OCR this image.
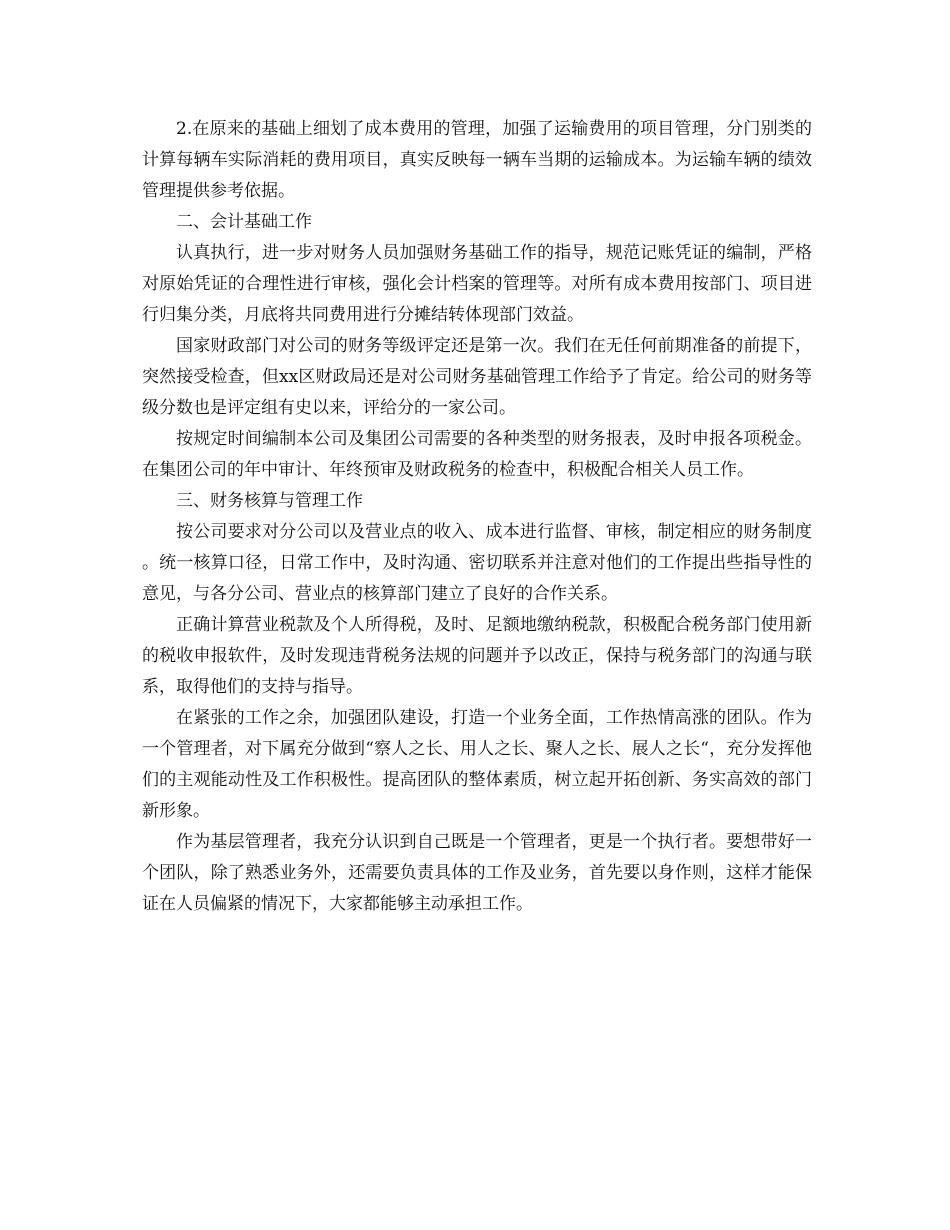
2.在原来的基础上细划了成本费用的管理，加强了运输费用的项目管理，分门别类的计算每辆车实际消耗的费用项目，真实反映每一辆车当期的运输成本。为运输车辆的绩效管理提供参考依据。

二、会计基础工作

认真执行，进一步对财务人员加强财务基础工作的指导，规范记账凭证的编制，严格对原始凭证的合理性进行审核，强化会计档案的管理等。对所有成本费用按部门、项目进行归集分类，月底将共同费用进行分摊结转体现部门效益。

国家财政部门对公司的财务等级评定还是第一次。我们在无任何前期准备的前提下，突然接受检查，但xx区财政局还是对公司财务基础管理工作给予了肯定。给公司的财务等级分数也是评定组有史以来，评给分的一家公司。

按规定时间编制本公司及集团公司需要的各种类型的财务报表，及时申报各项税金。在集团公司的年中审计、年终预审及财政税务的检查中，积极配合相关人员工作。

三、财务核算与管理工作

按公司要求对分公司以及营业点的收入、成本进行监督、审核，制定相应的财务制度。统一核算口径，日常工作中，及时沟通、密切联系并注意对他们的工作提出些指导性的意见，与各分公司、营业点的核算部门建立了良好的合作关系。

正确计算营业税款及个人所得税，及时、足额地缴纳税款，积极配合税务部门使用新的税收申报软件，及时发现违背税务法规的问题并予以改正，保持与税务部门的沟通与联系，取得他们的支持与指导。

在紧张的工作之余，加强团队建设，打造一个业务全面，工作热情高涨的团队。作为一个管理者，对下属充分做到“察人之长、用人之长、聚人之长、展人之长“，充分发挥他们的主观能动性及工作积极性。提高团队的整体素质，树立起开拓创新、务实高效的部门新形象。

作为基层管理者，我充分认识到自己既是一个管理者，更是一个执行者。要想带好一个团队，除了熟悉业务外，还需要负责具体的工作及业务，首先要以身作则，这样才能保证在人员偏紧的情况下，大家都能够主动承担工作。
